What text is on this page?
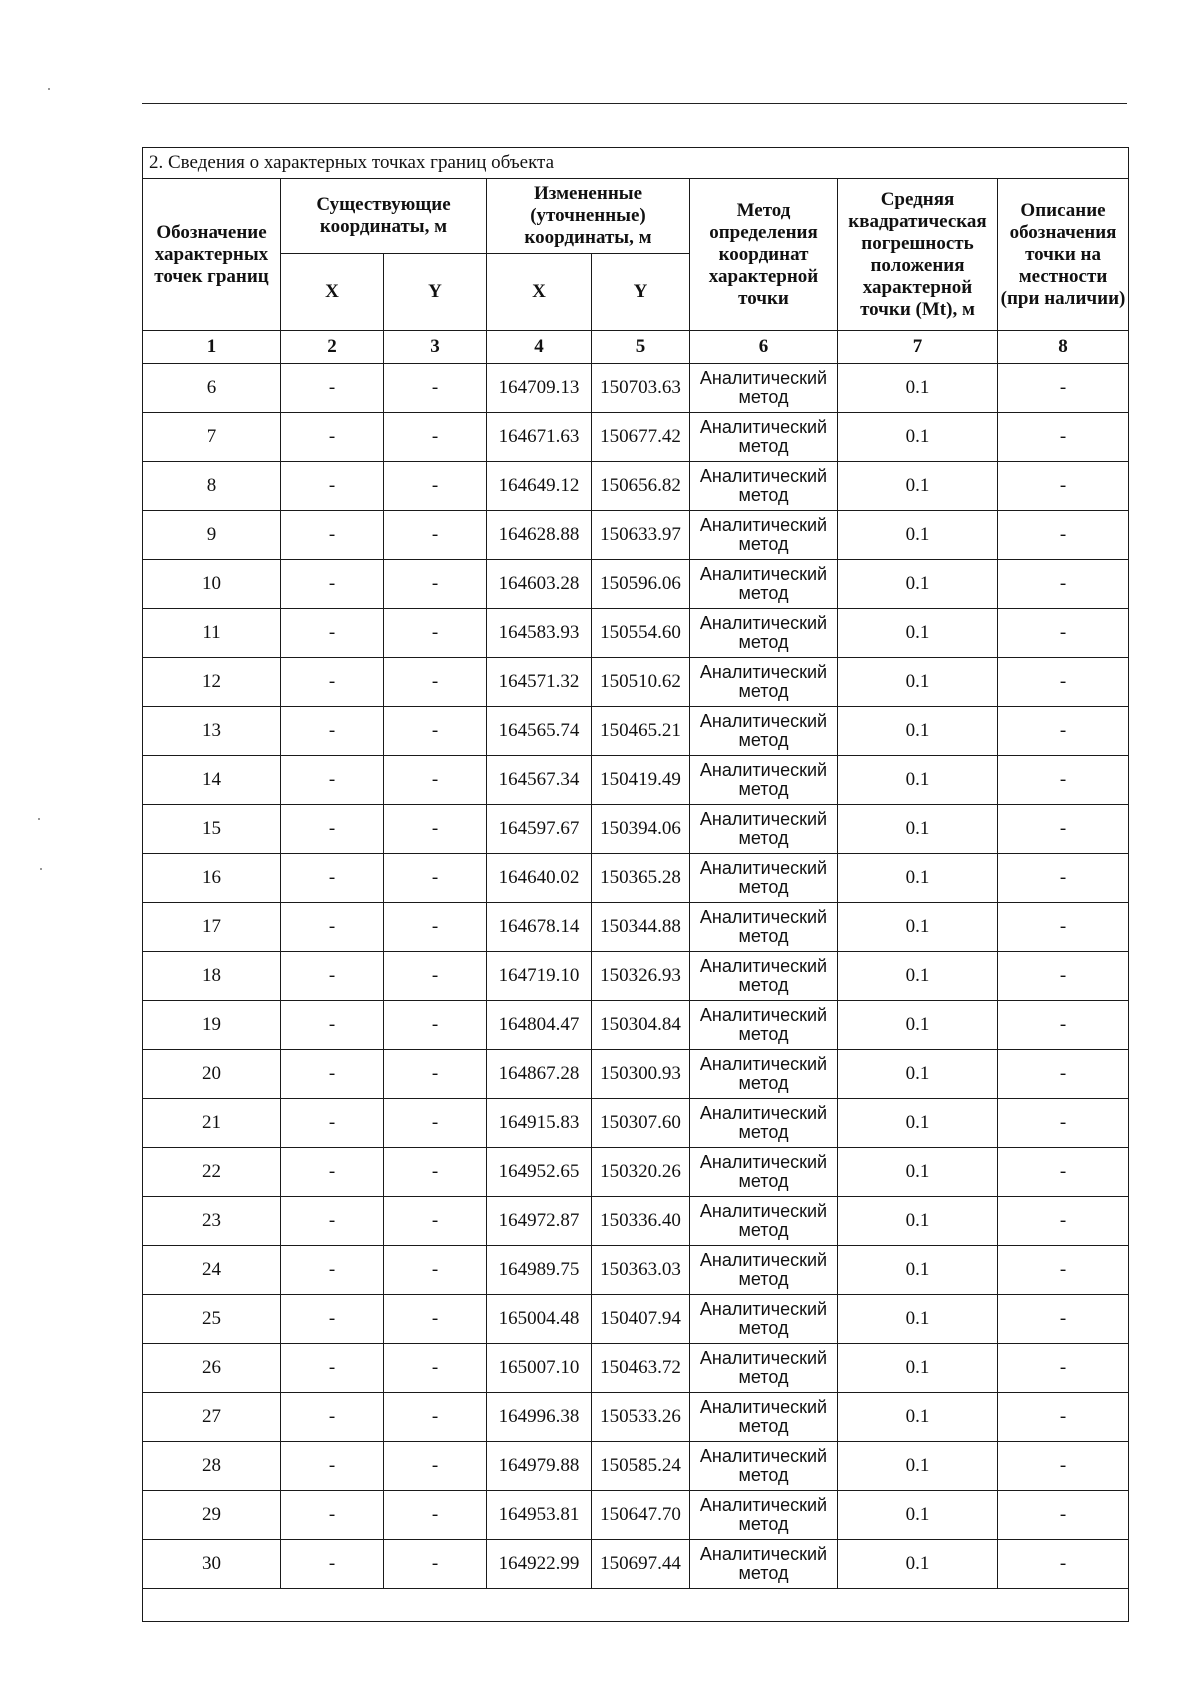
2. Сведения о характерных точках границ объекта							
Обозначение характерных точек границ	Существующие координаты, м		Измененные (уточненные) координаты, м		Метод определения координат характерной точки	Средняя квадратическая погрешность положения характерной точки (Mt), м	Описание обозначения точки на местности (при наличии)
	X	Y	X	Y			
1	2	3	4	5	6	7	8
6	-	-	164709.13	150703.63	Аналитический метод	0.1	-
7	-	-	164671.63	150677.42	Аналитический метод	0.1	-
8	-	-	164649.12	150656.82	Аналитический метод	0.1	-
9	-	-	164628.88	150633.97	Аналитический метод	0.1	-
10	-	-	164603.28	150596.06	Аналитический метод	0.1	-
11	-	-	164583.93	150554.60	Аналитический метод	0.1	-
12	-	-	164571.32	150510.62	Аналитический метод	0.1	-
13	-	-	164565.74	150465.21	Аналитический метод	0.1	-
14	-	-	164567.34	150419.49	Аналитический метод	0.1	-
15	-	-	164597.67	150394.06	Аналитический метод	0.1	-
16	-	-	164640.02	150365.28	Аналитический метод	0.1	-
17	-	-	164678.14	150344.88	Аналитический метод	0.1	-
18	-	-	164719.10	150326.93	Аналитический метод	0.1	-
19	-	-	164804.47	150304.84	Аналитический метод	0.1	-
20	-	-	164867.28	150300.93	Аналитический метод	0.1	-
21	-	-	164915.83	150307.60	Аналитический метод	0.1	-
22	-	-	164952.65	150320.26	Аналитический метод	0.1	-
23	-	-	164972.87	150336.40	Аналитический метод	0.1	-
24	-	-	164989.75	150363.03	Аналитический метод	0.1	-
25	-	-	165004.48	150407.94	Аналитический метод	0.1	-
26	-	-	165007.10	150463.72	Аналитический метод	0.1	-
27	-	-	164996.38	150533.26	Аналитический метод	0.1	-
28	-	-	164979.88	150585.24	Аналитический метод	0.1	-
29	-	-	164953.81	150647.70	Аналитический метод	0.1	-
30	-	-	164922.99	150697.44	Аналитический метод	0.1	-
